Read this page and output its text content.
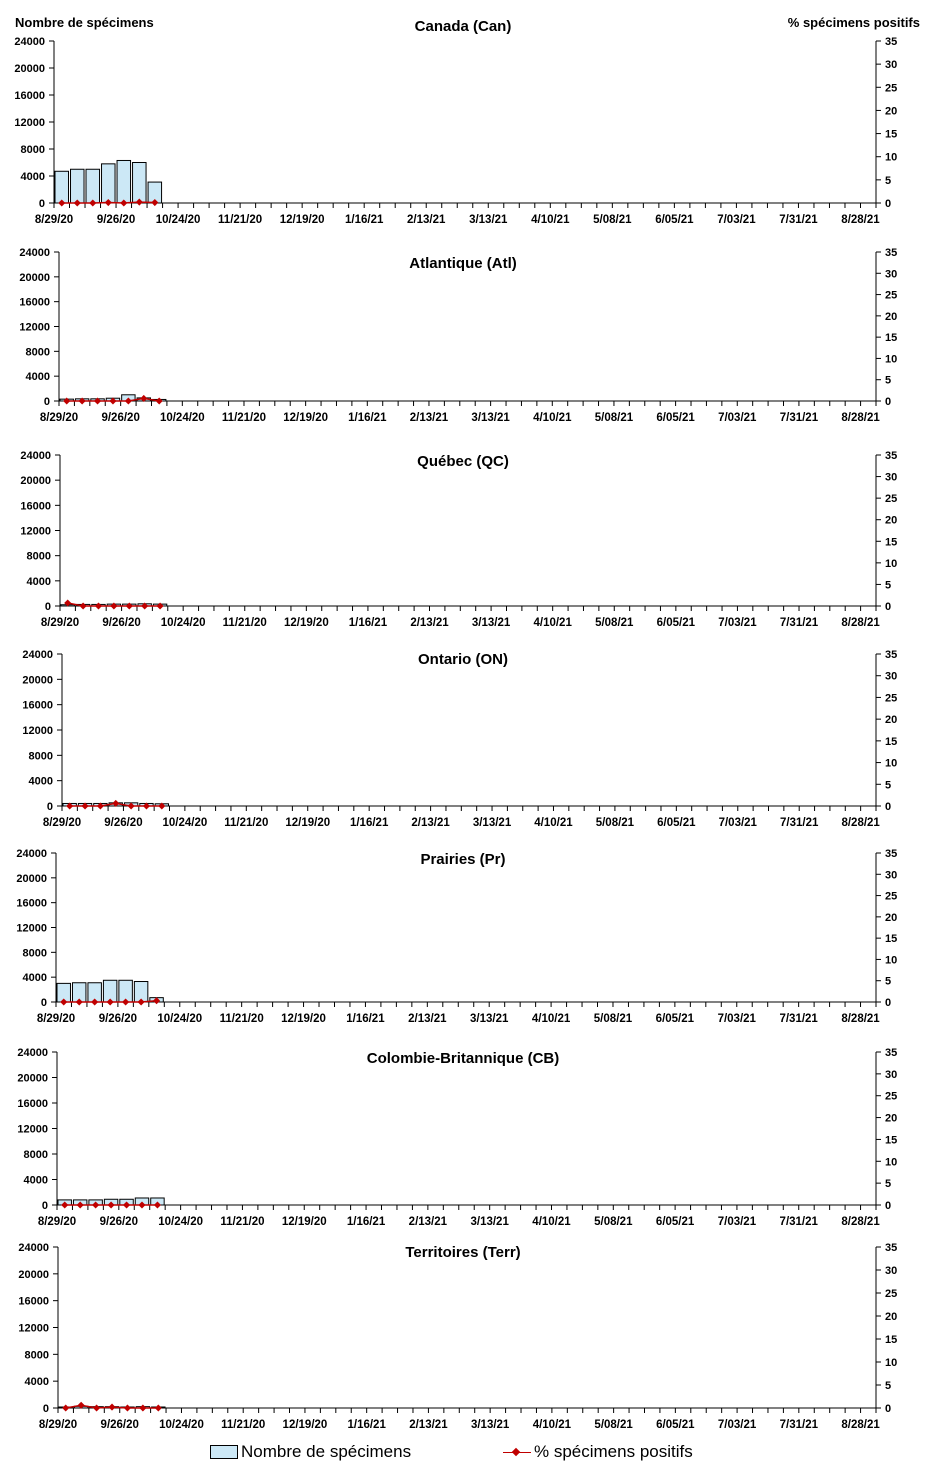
Canada (Can)
Nombre de spécimens	% spécimens positifs
0
4000
8000
12000
16000
20000
24000
0
5
10
15
20
25
30
35
8/29/20 9/26/20 10/24/20 11/21/20 12/19/20 1/16/21 2/13/21 3/13/21 4/10/21 5/08/21 6/05/21 7/03/21 7/31/21 8/28/21
Atlantique (Atl)
0
4000
8000
12000
16000
20000
24000
0
5
10
15
20
25
30
35
8/29/20 9/26/20 10/24/20 11/21/20 12/19/20 1/16/21 2/13/21 3/13/21 4/10/21 5/08/21 6/05/21 7/03/21 7/31/21 8/28/21
Québec (QC)
0
4000
8000
12000
16000
20000
24000
0
5
10
15
20
25
30
35
8/29/20 9/26/20 10/24/20 11/21/20 12/19/20 1/16/21 2/13/21 3/13/21 4/10/21 5/08/21 6/05/21 7/03/21 7/31/21 8/28/21
Ontario (ON)
0
4000
8000
12000
16000
20000
24000
0
5
10
15
20
25
30
35
8/29/20 9/26/20 10/24/20 11/21/20 12/19/20 1/16/21 2/13/21 3/13/21 4/10/21 5/08/21 6/05/21 7/03/21 7/31/21 8/28/21
Prairies (Pr)
0
4000
8000
12000
16000
20000
24000
0
5
10
15
20
25
30
35
8/29/20 9/26/20 10/24/20 11/21/20 12/19/20 1/16/21 2/13/21 3/13/21 4/10/21 5/08/21 6/05/21 7/03/21 7/31/21 8/28/21
Colombie-Britannique (CB)
0
4000
8000
12000
16000
20000
24000
0
5
10
15
20
25
30
35
8/29/20 9/26/20 10/24/20 11/21/20 12/19/20 1/16/21 2/13/21 3/13/21 4/10/21 5/08/21 6/05/21 7/03/21 7/31/21 8/28/21
Territoires (Terr)
0
4000
8000
12000
16000
20000
24000
0
5
10
15
20
25
30
35
8/29/20 9/26/20 10/24/20 11/21/20 12/19/20 1/16/21 2/13/21 3/13/21 4/10/21 5/08/21 6/05/21 7/03/21 7/31/21 8/28/21
Nombre de spécimens	% spécimens positifs
